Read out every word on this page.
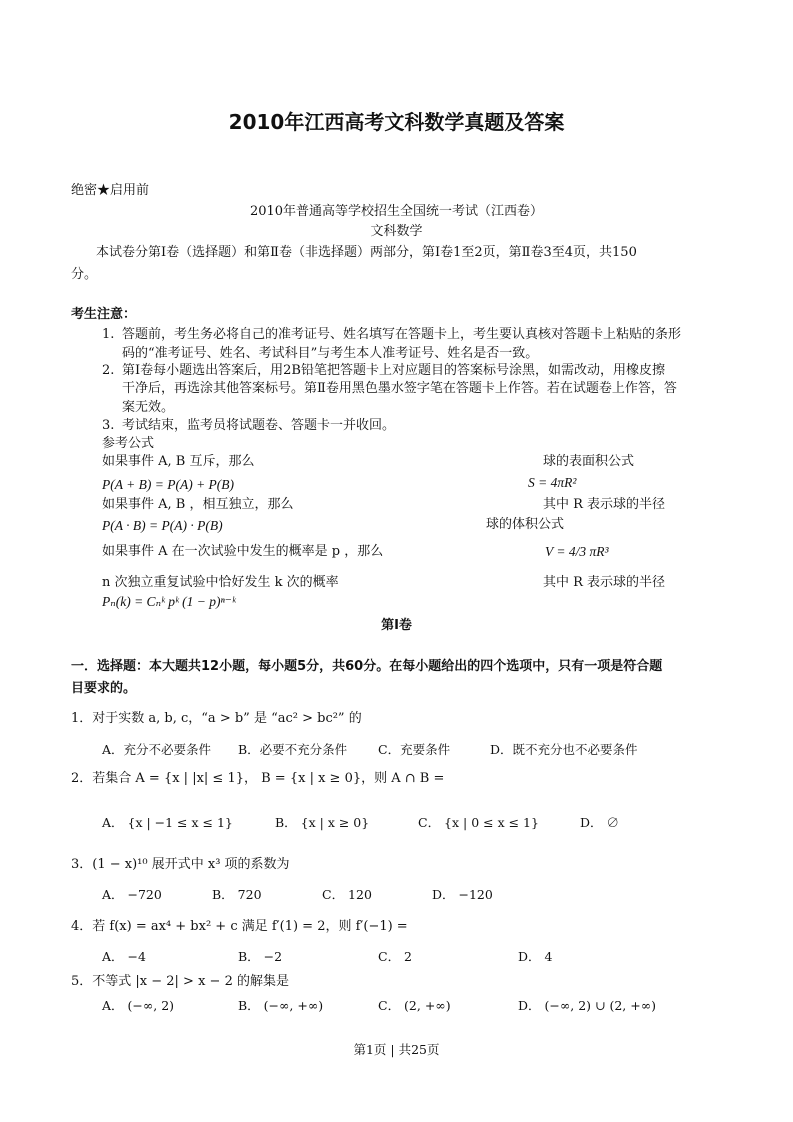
2010年江西高考文科数学真题及答案
绝密★启用前
2010年普通高等学校招生全国统一考试（江西卷）
文科数学
本试卷分第Ⅰ卷（选择题）和第Ⅱ卷（非选择题）两部分，第Ⅰ卷1至2页，第Ⅱ卷3至4页，共150
分。
考生注意：
1. 答题前，考生务必将自己的准考证号、姓名填写在答题卡上，考生要认真核对答题卡上粘贴的条形
码的“准考证号、姓名、考试科目”与考生本人准考证号、姓名是否一致。
2. 第Ⅰ卷每小题选出答案后，用2B铅笔把答题卡上对应题目的答案标号涂黑，如需改动，用橡皮擦
干净后，再选涂其他答案标号。第Ⅱ卷用黑色墨水签字笔在答题卡上作答。若在试题卷上作答，答
案无效。
3. 考试结束，监考员将试题卷、答题卡一并收回。
参考公式
如果事件 A, B 互斥，那么
P(A + B) = P(A) + P(B)
如果事件 A, B ，相互独立，那么
P(A · B) = P(A) · P(B)
如果事件 A 在一次试验中发生的概率是 p ，那么
n 次独立重复试验中恰好发生 k 次的概率
Pₙ(k) = Cₙᵏ pᵏ (1 − p)ⁿ⁻ᵏ
球的表面积公式
S = 4πR²
其中 R 表示球的半径
球的体积公式
V = 4/3 πR³
其中 R 表示球的半径
第Ⅰ卷
一．选择题：本大题共12小题，每小题5分，共60分。在每小题给出的四个选项中，只有一项是符合题
目要求的。
1．对于实数 a, b, c，“a > b” 是 “ac² > bc²” 的
A．充分不必要条件 B．必要不充分条件 C．充要条件	D．既不充分也不必要条件
2．若集合 A = {x | |x| ≤ 1}， B = {x | x ≥ 0}，则 A ∩ B =
A． {x | −1 ≤ x ≤ 1}	B． {x | x ≥ 0}	C． {x | 0 ≤ x ≤ 1}	D． ∅
3．(1 − x)¹⁰ 展开式中 x³ 项的系数为
A． −720	B． 720	C． 120	D． −120
4．若 f(x) = ax⁴ + bx² + c 满足 f′(1) = 2，则 f′(−1) =
A． −4	B． −2	C． 2	D． 4
5．不等式 |x − 2| > x − 2 的解集是
A． (−∞, 2)	B． (−∞, +∞)	C． (2, +∞)	D． (−∞, 2) ∪ (2, +∞)
第1页 | 共25页
